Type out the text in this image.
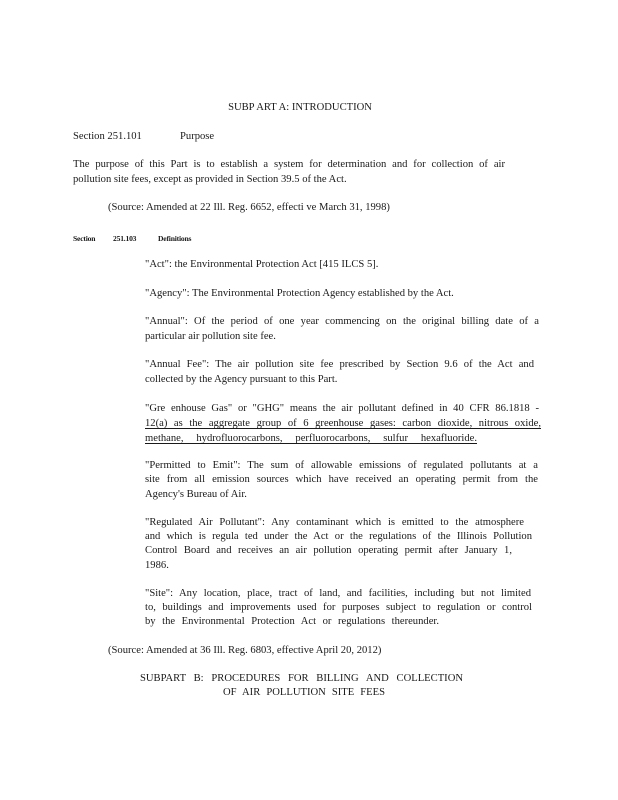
SUBP ART A: INTRODUCTION
Section 251.101	Purpose
The purpose of this Part is to establish a system for determination and for collection of air
pollution site fees, except as provided in Section 39.5 of the Act.
(Source: Amended at 22 Ill. Reg. 6652, effecti ve March 31, 1998)
Section 251.103	Definitions
"Act": the Environmental Protection Act [415 ILCS 5].
"Agency": The Environmental Protection Agency established by the Act.
"Annual": Of the period of one year commencing on the original billing date of a
particular air pollution site fee.
"Annual Fee": The air pollution site fee prescribed by Section 9.6 of the Act and
collected by the Agency pursuant to this Part.
"Gre enhouse Gas" or "GHG" means the air pollutant defined in 40 CFR 86.1818 -
12(a) as the aggregate group of 6 greenhouse gases: carbon dioxide, nitrous oxide,
methane, hydrofluorocarbons, perfluorocarbons, sulfur hexafluoride.
"Permitted to Emit": The sum of allowable emissions of regulated pollutants at a
site from all emission sources which have received an operating permit from the
Agency's Bureau of Air.
"Regulated Air Pollutant": Any contaminant which is emitted to the atmosphere
and which is regula ted under the Act or the regulations of the Illinois Pollution
Control Board and receives an air pollution operating permit after January 1,
1986.
"Site": Any location, place, tract of land, and facilities, including but not limited
to, buildings and improvements used for purposes subject to regulation or control
by the Environmental Protection Act or regulations thereunder.
(Source: Amended at 36 Ill. Reg. 6803, effective April 20, 2012)
SUBPART B: PROCEDURES FOR BILLING AND COLLECTION
OF AIR POLLUTION SITE FEES
